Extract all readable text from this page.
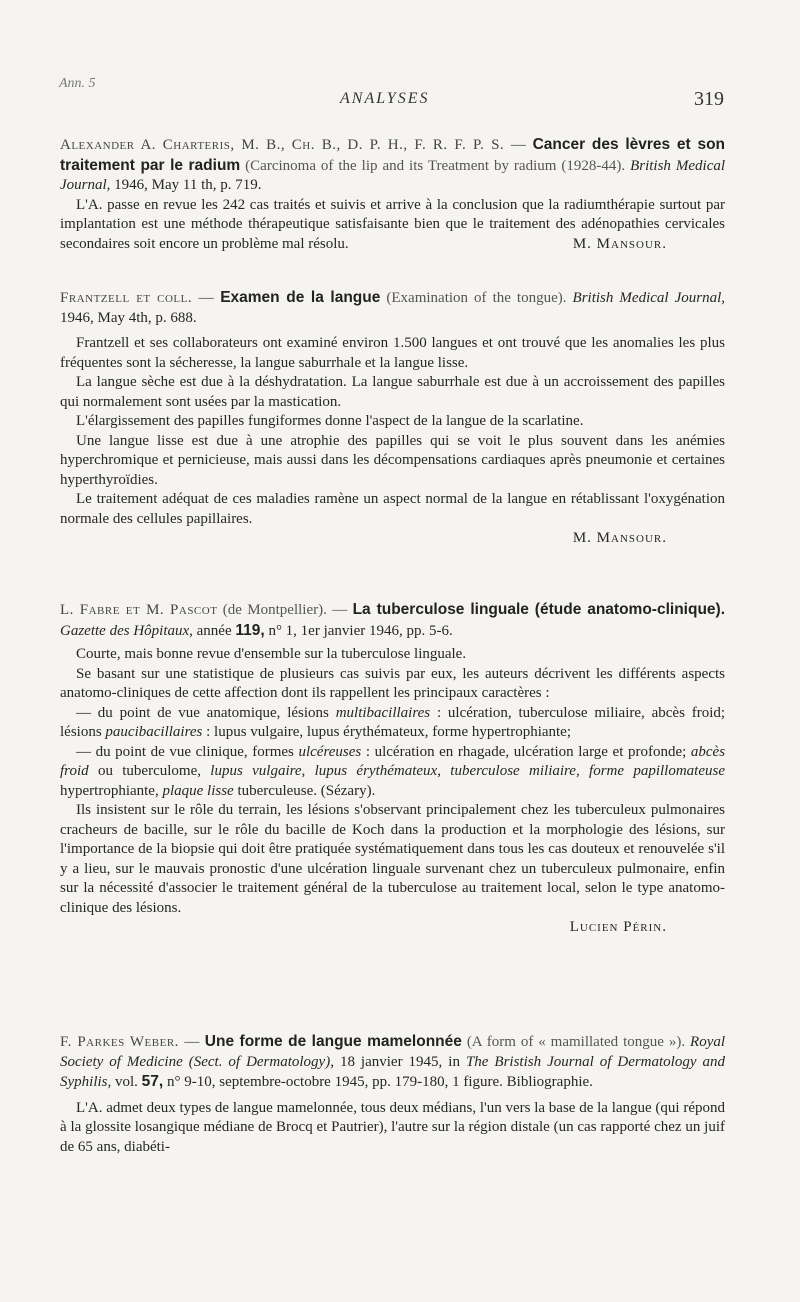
Ann. 5
ANALYSES	319

Alexander A. Charteris, M. B., Ch. B., D. P. H., F. R. F. P. S. — Cancer des lèvres et son traitement par le radium (Carcinoma of the lip and its Treatment by radium (1928-44). British Medical Journal, 1946, May 11 th, p. 719.

L'A. passe en revue les 242 cas traités et suivis et arrive à la conclusion que la radiumthérapie surtout par implantation est une méthode thérapeutique satisfaisante bien que le traitement des adénopathies cervicales secondaires soit encore un problème mal résolu.	M. Mansour.

Frantzell et coll. — Examen de la langue (Examination of the tongue). British Medical Journal, 1946, May 4th, p. 688.

Frantzell et ses collaborateurs ont examiné environ 1.500 langues et ont trouvé que les anomalies les plus fréquentes sont la sécheresse, la langue saburrhale et la langue lisse.

La langue sèche est due à la déshydratation. La langue saburrhale est due à un accroissement des papilles qui normalement sont usées par la mastication.

L'élargissement des papilles fungiformes donne l'aspect de la langue de la scarlatine.

Une langue lisse est due à une atrophie des papilles qui se voit le plus souvent dans les anémies hyperchromique et pernicieuse, mais aussi dans les décompensations cardiaques après pneumonie et certaines hyperthyroïdies.

Le traitement adéquat de ces maladies ramène un aspect normal de la langue en rétablissant l'oxygénation normale des cellules papillaires.

M. Mansour.

L. Fabre et M. Pascot (de Montpellier). — La tuberculose linguale (étude anatomo-clinique). Gazette des Hôpitaux, année 119, n° 1, 1er janvier 1946, pp. 5-6.

Courte, mais bonne revue d'ensemble sur la tuberculose linguale.

Se basant sur une statistique de plusieurs cas suivis par eux, les auteurs décrivent les différents aspects anatomo-cliniques de cette affection dont ils rappellent les principaux caractères :

— du point de vue anatomique, lésions multibacillaires : ulcération, tuberculose miliaire, abcès froid; lésions paucibacillaires : lupus vulgaire, lupus érythémateux, forme hypertrophiante;

— du point de vue clinique, formes ulcéreuses : ulcération en rhagade, ulcération large et profonde; abcès froid ou tuberculome, lupus vulgaire, lupus érythémateux, tuberculose miliaire, forme papillomateuse hypertrophiante, plaque lisse tuberculeuse. (Sézary).

Ils insistent sur le rôle du terrain, les lésions s'observant principalement chez les tuberculeux pulmonaires cracheurs de bacille, sur le rôle du bacille de Koch dans la production et la morphologie des lésions, sur l'importance de la biopsie qui doit être pratiquée systématiquement dans tous les cas douteux et renouvelée s'il y a lieu, sur le mauvais pronostic d'une ulcération linguale survenant chez un tuberculeux pulmonaire, enfin sur la nécessité d'associer le traitement général de la tuberculose au traitement local, selon le type anatomo-clinique des lésions.

Lucien Périn.

F. Parkes Weber. — Une forme de langue mamelonnée (A form of « mamillated tongue »). Royal Society of Medicine (Sect. of Dermatology), 18 janvier 1945, in The Bristish Journal of Dermatology and Syphilis, vol. 57, n° 9-10, septembre-octobre 1945, pp. 179-180, 1 figure. Bibliographie.

L'A. admet deux types de langue mamelonnée, tous deux médians, l'un vers la base de la langue (qui répond à la glossite losangique médiane de Brocq et Pautrier), l'autre sur la région distale (un cas rapporté chez un juif de 65 ans, diabéti-
